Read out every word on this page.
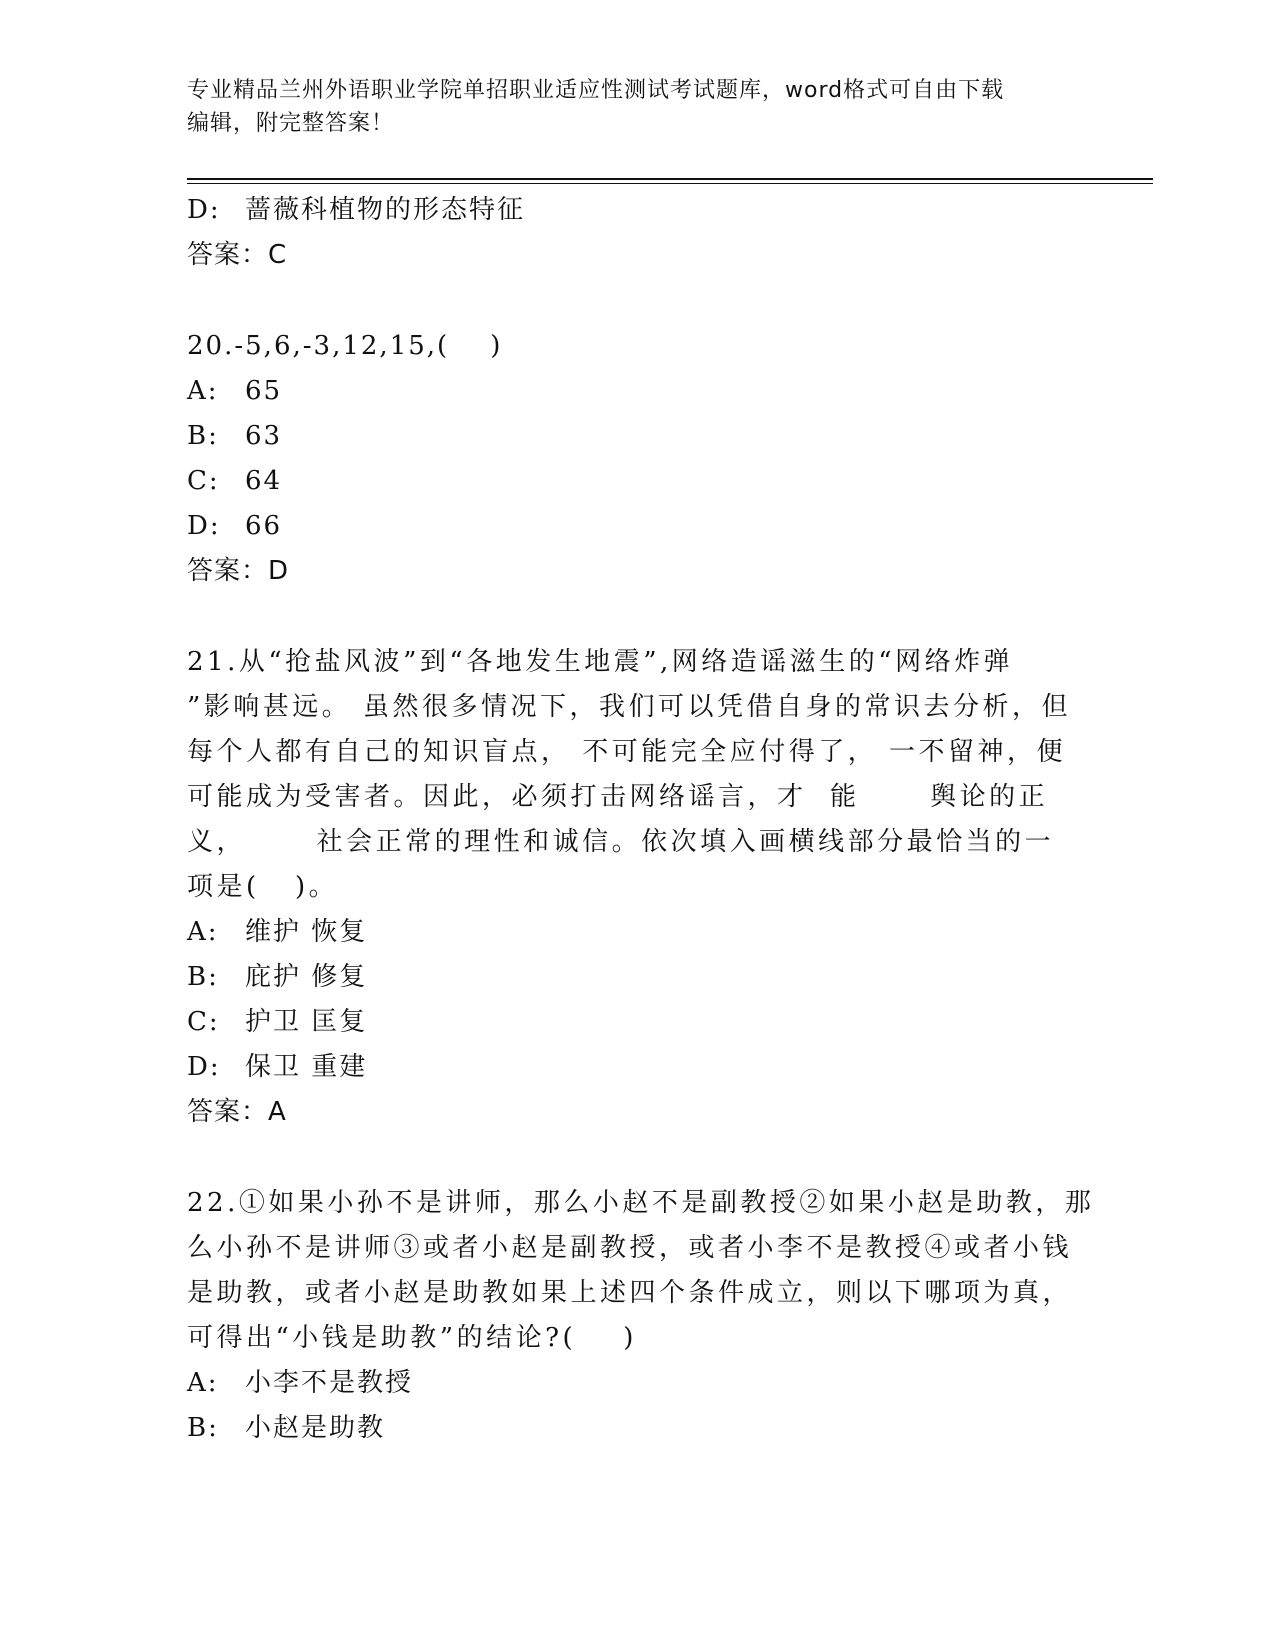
专业精品兰州外语职业学院单招职业适应性测试考试题库，word格式可自由下载
编辑，附完整答案！
D: 蔷薇科植物的形态特征
答案：C
20.-5,6,-3,12,15,(    )
A: 65
B: 63
C: 64
D: 66
答案：D
21.从“抢盐风波”到“各地发生地震”,网络造谣滋生的“网络炸弹
”影响甚远。 虽然很多情况下，我们可以凭借自身的常识去分析，但
每个人都有自己的知识盲点， 不可能完全应付得了， 一不留神，便
可能成为受害者。因此，必须打击网络谣言，才  能      舆论的正
义，      社会正常的理性和诚信。依次填入画横线部分最恰当的一
项是(   )。
A: 维护 恢复
B: 庇护 修复
C: 护卫 匡复
D: 保卫 重建
答案：A
22.①如果小孙不是讲师，那么小赵不是副教授②如果小赵是助教，那
么小孙不是讲师③或者小赵是副教授，或者小李不是教授④或者小钱
是助教，或者小赵是助教如果上述四个条件成立，则以下哪项为真，
可得出“小钱是助教”的结论?(    )
A: 小李不是教授
B: 小赵是助教
